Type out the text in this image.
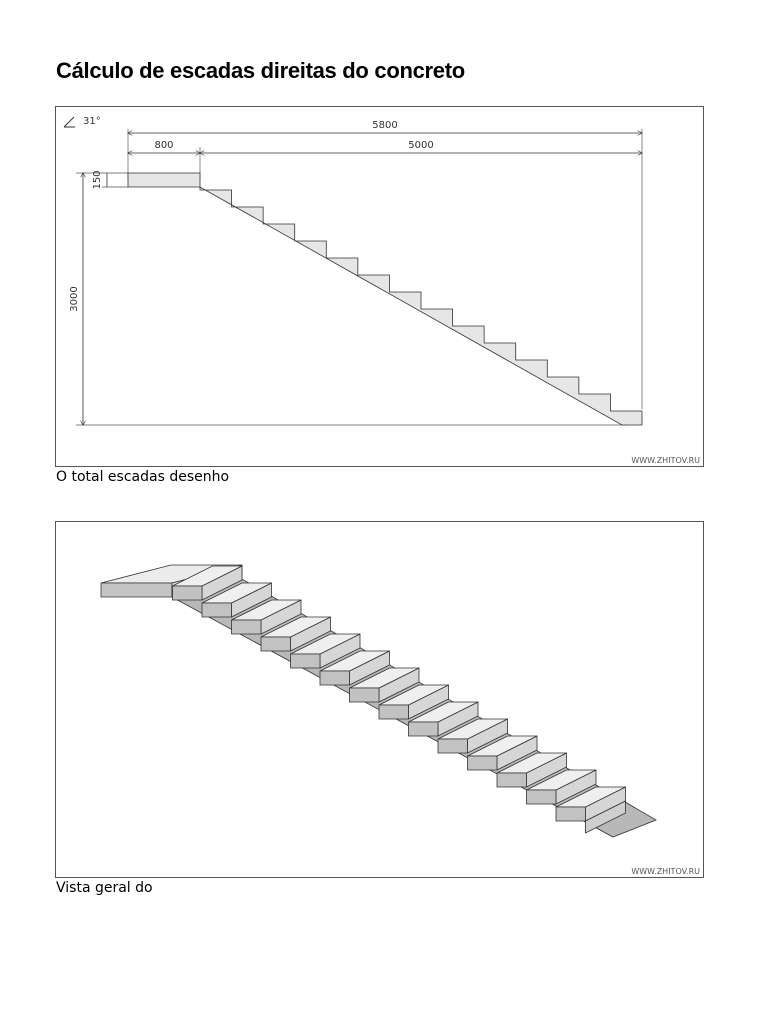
Cálculo de escadas direitas do concreto
31°	5800
800	5000
150
3000
WWW.ZHITOV.RU
O total escadas desenho
WWW.ZHITOV.RU
Vista geral do
